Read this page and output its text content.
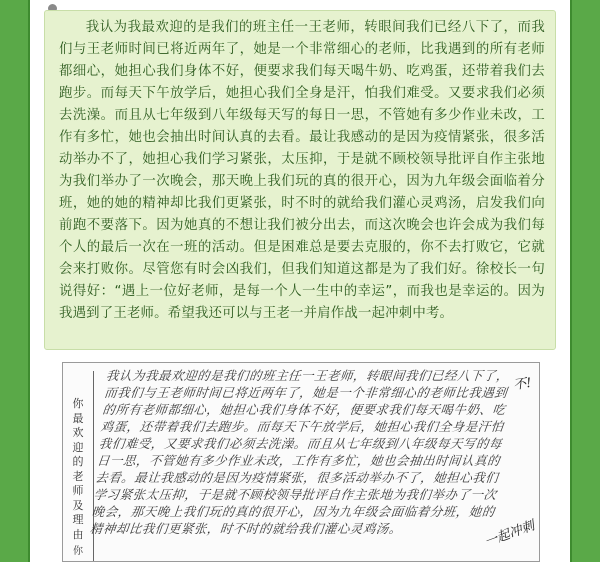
我认为我最欢迎的是我们的班主任一王老师，转眼间我们已经八下了，而我们与王老师时间已将近两年了，她是一个非常细心的老师，比我遇到的所有老师都细心，她担心我们身体不好，便要求我们每天喝牛奶、吃鸡蛋，还带着我们去跑步。而每天下午放学后，她担心我们全身是汗，怕我们难受。又要求我们必须去洗澡。而且从七年级到八年级每天写的每日一思，不管她有多少作业未改，工作有多忙，她也会抽出时间认真的去看。最让我感动的是因为疫情紧张，很多活动举办不了，她担心我们学习紧张，太压抑，于是就不顾校领导批评自作主张地为我们举办了一次晚会，那天晚上我们玩的真的很开心，因为九年级会面临着分班，她的她的精神却比我们更紧张，时不时的就给我们灌心灵鸡汤，启发我们向前跑不要落下。因为她真的不想让我们被分出去，而这次晚会也许会成为我们每个人的最后一次在一班的活动。但是困难总是要去克服的，你不去打败它，它就会来打败你。尽管您有时会凶我们，但我们知道这都是为了我们好。徐校长一句说得好：“遇上一位好老师，是每一个人一生中的幸运”，而我也是幸运的。因为我遇到了王老师。希望我还可以与王老一并肩作战一起冲刺中考。

你最欢迎的老师及理由
你
我认为我最欢迎的是我们的班主任一王老师，转眼间我们已经八下了，而我们与王老师时间已将近两年了，她是一个非常细心的老师比我遇到的所有老师都细心，她担心我们身体不好，便要求我们每天喝牛奶、吃鸡蛋，还带着我们去跑步。而每天下午放学后，她担心我们全身是汗怕我们难受，又要求我们必须去洗澡。而且从七年级到八年级每天写的每日一思，不管她有多少作业未改，工作有多忙，她也会抽出时间认真的去看。最让我感动的是因为疫情紧张，很多活动举办不了，她担心我们学习紧张太压抑，于是就不顾校领导批评自作主张地为我们举办了一次晚会，那天晚上我们玩的真的很开心，因为九年级会面临着分班，她的精神却比我们更紧张，时不时的就给我们灌心灵鸡汤。
不!
一起冲刺
